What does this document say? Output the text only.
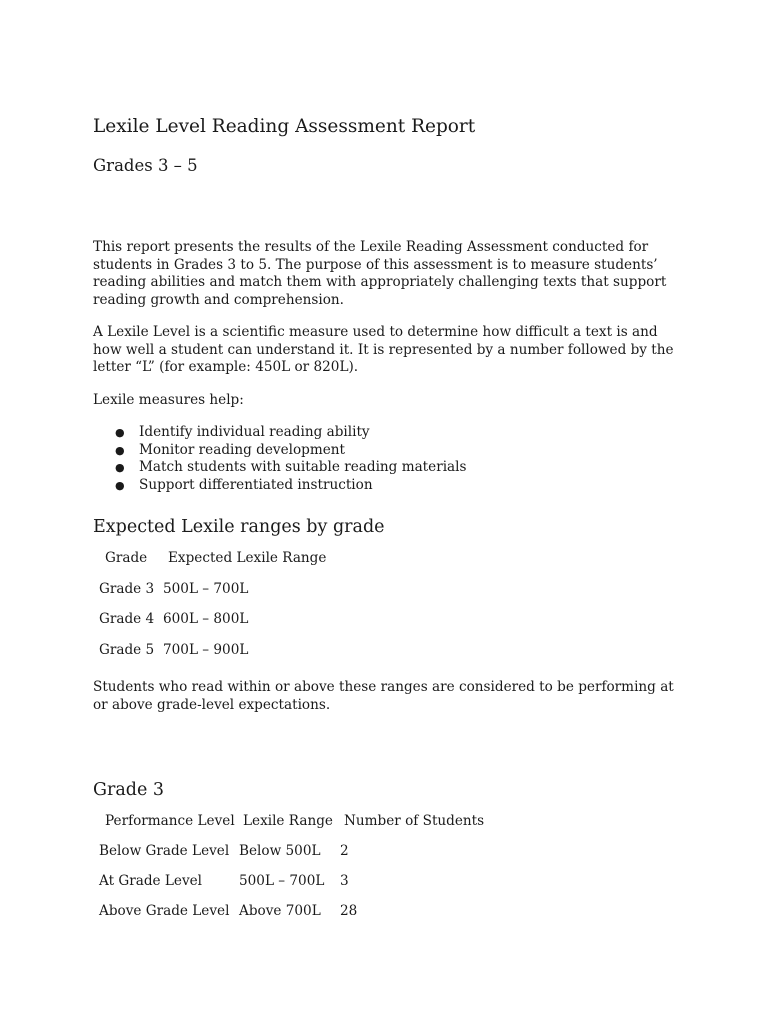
Lexile Level Reading Assessment Report
Grades 3 – 5
This report presents the results of the Lexile Reading Assessment conducted for students in Grades 3 to 5. The purpose of this assessment is to measure students’ reading abilities and match them with appropriately challenging texts that support reading growth and comprehension.
A Lexile Level is a scientific measure used to determine how difficult a text is and how well a student can understand it. It is represented by a number followed by the letter “L” (for example: 450L or 820L).
Lexile measures help:
● Identify individual reading ability
● Monitor reading development
● Match students with suitable reading materials
● Support differentiated instruction
Expected Lexile ranges by grade
Grade Expected Lexile Range
Grade 3 500L – 700L
Grade 4 600L – 800L
Grade 5 700L – 900L
Students who read within or above these ranges are considered to be performing at or above grade-level expectations.
Grade 3
Performance Level Lexile Range Number of Students
Below Grade Level Below 500L 2
At Grade Level	500L – 700L 3
Above Grade Level Above 700L 28
